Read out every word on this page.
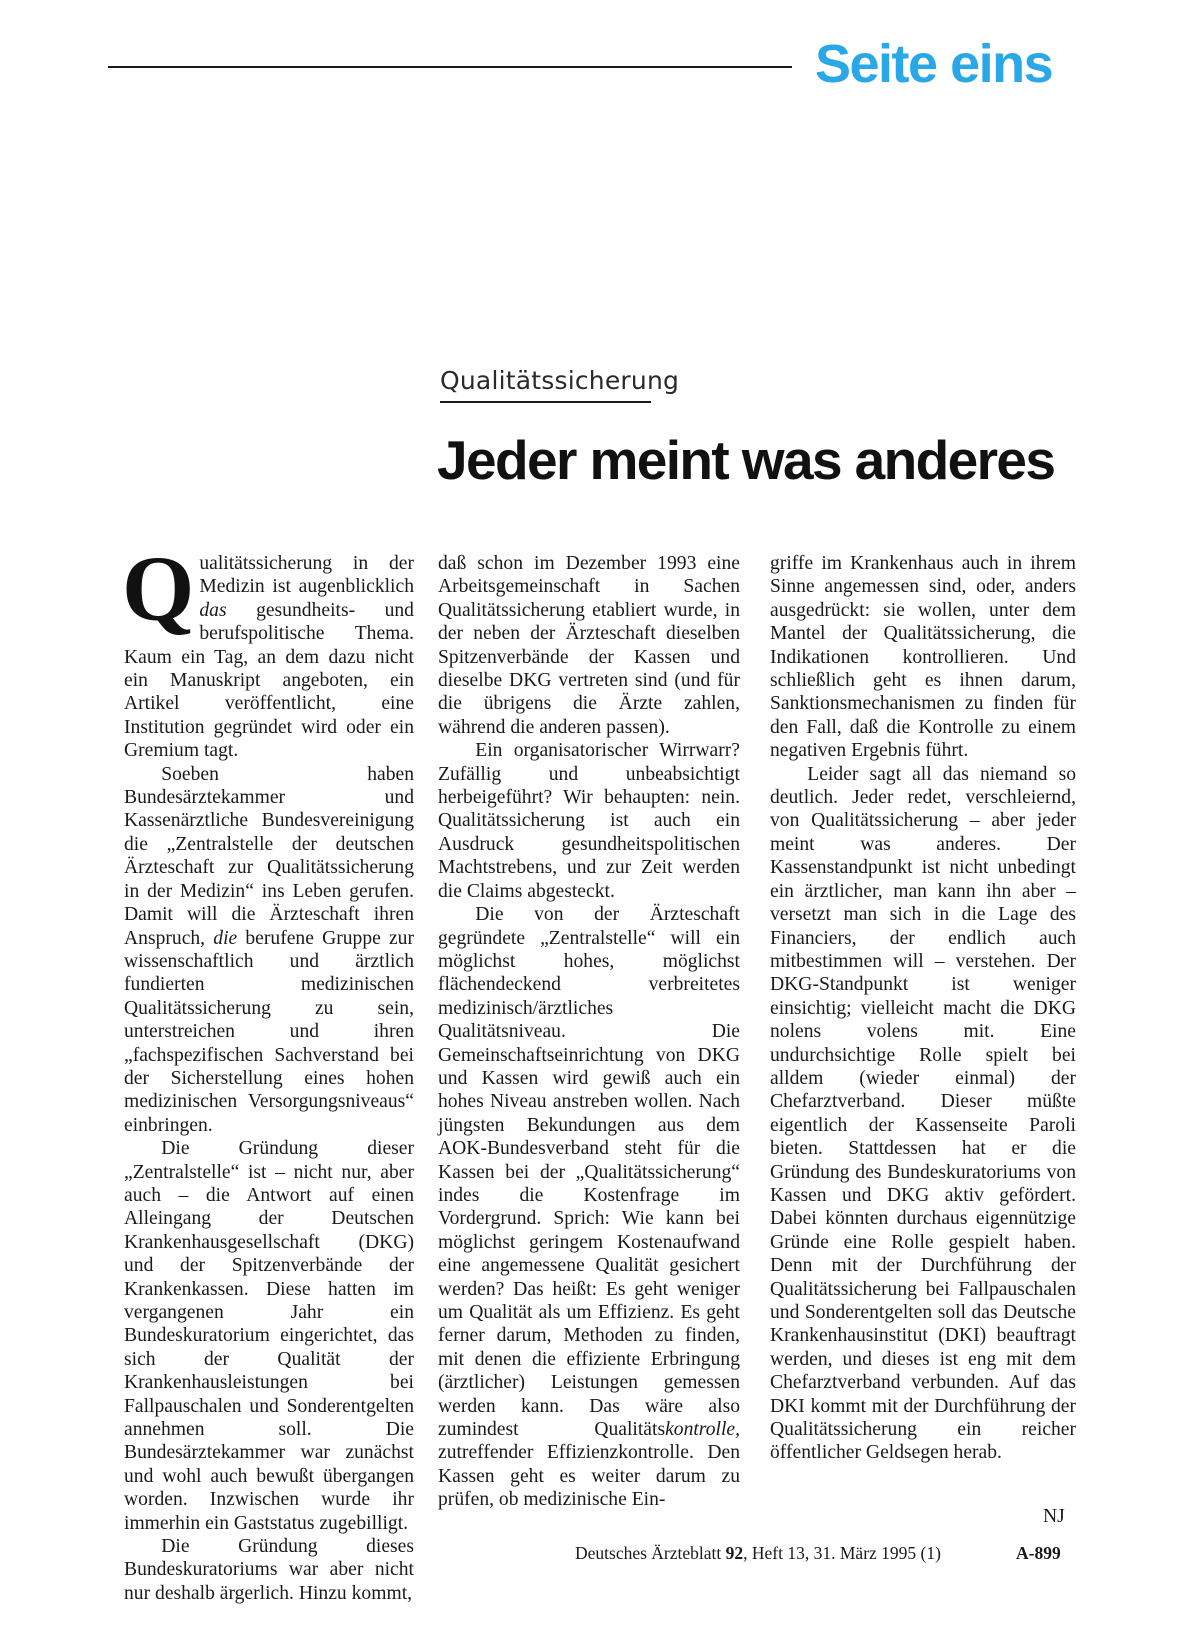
Seite eins
Qualitätssicherung
Jeder meint was anderes

Qualitätssicherung in der Medizin ist augenblicklich das gesundheits- und berufspolitische Thema. Kaum ein Tag, an dem dazu nicht ein Manuskript angeboten, ein Artikel veröffentlicht, eine Institution gegründet wird oder ein Gremium tagt.

Soeben haben Bundesärztekammer und Kassenärztliche Bundesvereinigung die „Zentralstelle der deutschen Ärzteschaft zur Qualitätssicherung in der Medizin“ ins Leben gerufen. Damit will die Ärzteschaft ihren Anspruch, die berufene Gruppe zur wissenschaftlich und ärztlich fundierten medizinischen Qualitätssicherung zu sein, unterstreichen und ihren „fachspezifischen Sachverstand bei der Sicherstellung eines hohen medizinischen Versorgungsniveaus“ einbringen.

Die Gründung dieser „Zentralstelle“ ist – nicht nur, aber auch – die Antwort auf einen Alleingang der Deutschen Krankenhausgesellschaft (DKG) und der Spitzenverbände der Krankenkassen. Diese hatten im vergangenen Jahr ein Bundeskuratorium eingerichtet, das sich der Qualität der Krankenhausleistungen bei Fallpauschalen und Sonderentgelten annehmen soll. Die Bundesärztekammer war zunächst und wohl auch bewußt übergangen worden. Inzwischen wurde ihr immerhin ein Gaststatus zugebilligt.

Die Gründung dieses Bundeskuratoriums war aber nicht nur deshalb ärgerlich. Hinzu kommt,

daß schon im Dezember 1993 eine Arbeitsgemeinschaft in Sachen Qualitätssicherung etabliert wurde, in der neben der Ärzteschaft dieselben Spitzenverbände der Kassen und dieselbe DKG vertreten sind (und für die übrigens die Ärzte zahlen, während die anderen passen).

Ein organisatorischer Wirrwarr? Zufällig und unbeabsichtigt herbeigeführt? Wir behaupten: nein. Qualitätssicherung ist auch ein Ausdruck gesundheitspolitischen Machtstrebens, und zur Zeit werden die Claims abgesteckt.

Die von der Ärzteschaft gegründete „Zentralstelle“ will ein möglichst hohes, möglichst flächendeckend verbreitetes medizinisch/ärztliches Qualitätsniveau. Die Gemeinschaftseinrichtung von DKG und Kassen wird gewiß auch ein hohes Niveau anstreben wollen. Nach jüngsten Bekundungen aus dem AOK-Bundesverband steht für die Kassen bei der „Qualitätssicherung“ indes die Kostenfrage im Vordergrund. Sprich: Wie kann bei möglichst geringem Kostenaufwand eine angemessene Qualität gesichert werden? Das heißt: Es geht weniger um Qualität als um Effizienz. Es geht ferner darum, Methoden zu finden, mit denen die effiziente Erbringung (ärztlicher) Leistungen gemessen werden kann. Das wäre also zumindest Qualitätskontrolle, zutreffender Effizienzkontrolle. Den Kassen geht es weiter darum zu prüfen, ob medizinische Ein-

griffe im Krankenhaus auch in ihrem Sinne angemessen sind, oder, anders ausgedrückt: sie wollen, unter dem Mantel der Qualitätssicherung, die Indikationen kontrollieren. Und schließlich geht es ihnen darum, Sanktionsmechanismen zu finden für den Fall, daß die Kontrolle zu einem negativen Ergebnis führt.

Leider sagt all das niemand so deutlich. Jeder redet, verschleiernd, von Qualitätssicherung – aber jeder meint was anderes. Der Kassenstandpunkt ist nicht unbedingt ein ärztlicher, man kann ihn aber – versetzt man sich in die Lage des Financiers, der endlich auch mitbestimmen will – verstehen. Der DKG-Standpunkt ist weniger einsichtig; vielleicht macht die DKG nolens volens mit. Eine undurchsichtige Rolle spielt bei alldem (wieder einmal) der Chefarztverband. Dieser müßte eigentlich der Kassenseite Paroli bieten. Stattdessen hat er die Gründung des Bundeskuratoriums von Kassen und DKG aktiv gefördert. Dabei könnten durchaus eigennützige Gründe eine Rolle gespielt haben. Denn mit der Durchführung der Qualitätssicherung bei Fallpauschalen und Sonderentgelten soll das Deutsche Krankenhausinstitut (DKI) beauftragt werden, und dieses ist eng mit dem Chefarztverband verbunden. Auf das DKI kommt mit der Durchführung der Qualitätssicherung ein reicher öffentlicher Geldsegen herab.

NJ
Deutsches Ärzteblatt 92, Heft 13, 31. März 1995 (1)	A-899
